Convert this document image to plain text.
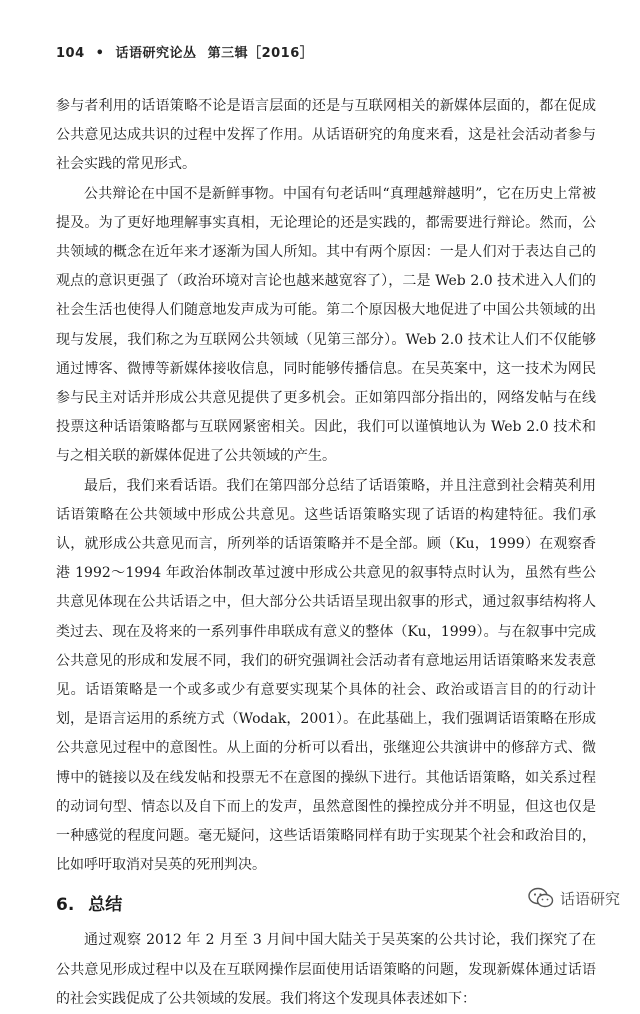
104 • 话语研究论丛 第三辑［2016］

参与者利用的话语策略不论是语言层面的还是与互联网相关的新媒体层面的，都在促成公共意见达成共识的过程中发挥了作用。从话语研究的角度来看，这是社会活动者参与社会实践的常见形式。

公共辩论在中国不是新鲜事物。中国有句老话叫“真理越辩越明”，它在历史上常被提及。为了更好地理解事实真相，无论理论的还是实践的，都需要进行辩论。然而，公共领域的概念在近年来才逐渐为国人所知。其中有两个原因：一是人们对于表达自己的观点的意识更强了（政治环境对言论也越来越宽容了），二是 Web 2.0 技术进入人们的社会生活也使得人们随意地发声成为可能。第二个原因极大地促进了中国公共领域的出现与发展，我们称之为互联网公共领域（见第三部分）。Web 2.0 技术让人们不仅能够通过博客、微博等新媒体接收信息，同时能够传播信息。在吴英案中，这一技术为网民参与民主对话并形成公共意见提供了更多机会。正如第四部分指出的，网络发帖与在线投票这种话语策略都与互联网紧密相关。因此，我们可以谨慎地认为 Web 2.0 技术和与之相关联的新媒体促进了公共领域的产生。

最后，我们来看话语。我们在第四部分总结了话语策略，并且注意到社会精英利用话语策略在公共领域中形成公共意见。这些话语策略实现了话语的构建特征。我们承认，就形成公共意见而言，所列举的话语策略并不是全部。顾（Ku，1999）在观察香港 1992～1994 年政治体制改革过渡中形成公共意见的叙事特点时认为，虽然有些公共意见体现在公共话语之中，但大部分公共话语呈现出叙事的形式，通过叙事结构将人类过去、现在及将来的一系列事件串联成有意义的整体（Ku，1999）。与在叙事中完成公共意见的形成和发展不同，我们的研究强调社会活动者有意地运用话语策略来发表意见。话语策略是一个或多或少有意要实现某个具体的社会、政治或语言目的的行动计划，是语言运用的系统方式（Wodak，2001）。在此基础上，我们强调话语策略在形成公共意见过程中的意图性。从上面的分析可以看出，张继迎公共演讲中的修辞方式、微博中的链接以及在线发帖和投票无不在意图的操纵下进行。其他话语策略，如关系过程的动词句型、情态以及自下而上的发声，虽然意图性的操控成分并不明显，但这也仅是一种感觉的程度问题。毫无疑问，这些话语策略同样有助于实现某个社会和政治目的，比如呼吁取消对吴英的死刑判决。

6. 总结

通过观察 2012 年 2 月至 3 月间中国大陆关于吴英案的公共讨论，我们探究了在公共意见形成过程中以及在互联网操作层面使用话语策略的问题，发现新媒体通过话语的社会实践促成了公共领域的发展。我们将这个发现具体表述如下：

话语研究
